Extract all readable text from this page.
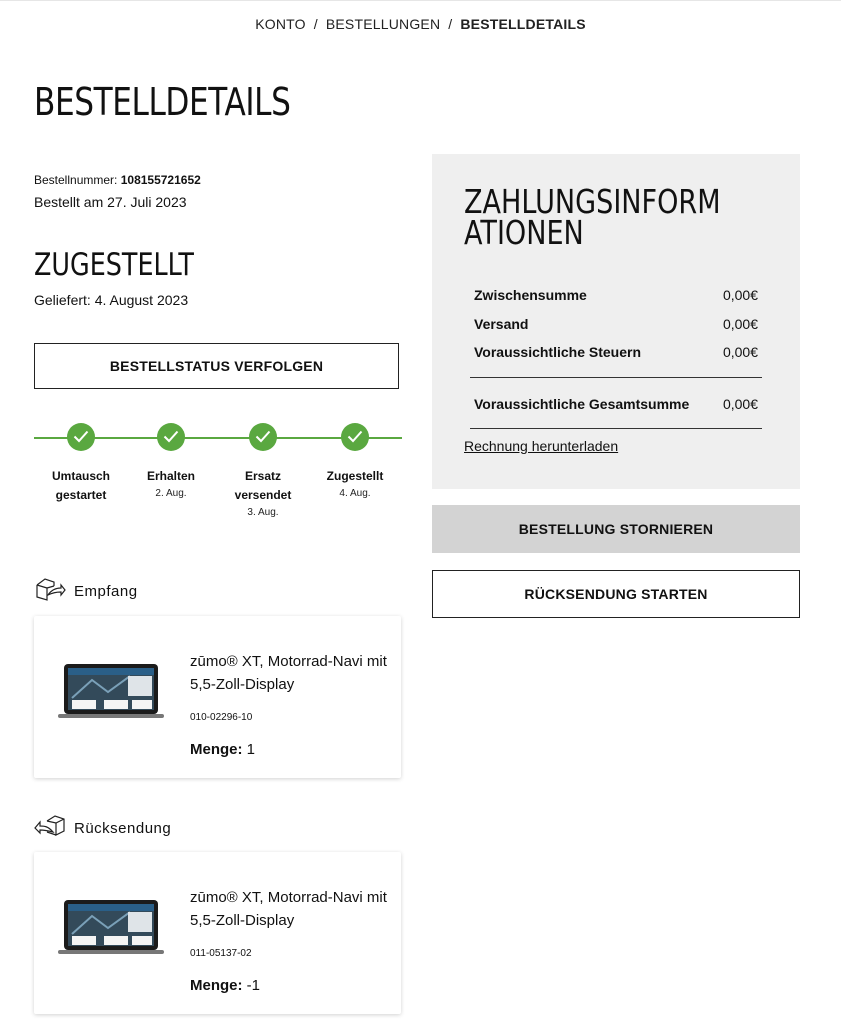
KONTO / BESTELLUNGEN / BESTELLDETAILS
BESTELLDETAILS
Bestellnummer: 108155721652
Bestellt am 27. Juli 2023
ZUGESTELLT
Geliefert: 4. August 2023
BESTELLSTATUS VERFOLGEN
Umtausch
gestartet
Erhalten
2. Aug.
Ersatz
versendet
3. Aug.
Zugestellt
4. Aug.
Empfang
zūmo® XT, Motorrad-Navi mit 5,5-Zoll-Display
010-02296-10
Menge: 1
Rücksendung
zūmo® XT, Motorrad-Navi mit 5,5-Zoll-Display
011-05137-02
Menge: -1
ZAHLUNGSINFORMATIONEN
Zwischensumme	0,00€
Versand	0,00€
Voraussichtliche Steuern	0,00€
Voraussichtliche Gesamtsumme 0,00€
Rechnung herunterladen
BESTELLUNG STORNIEREN
RÜCKSENDUNG STARTEN
